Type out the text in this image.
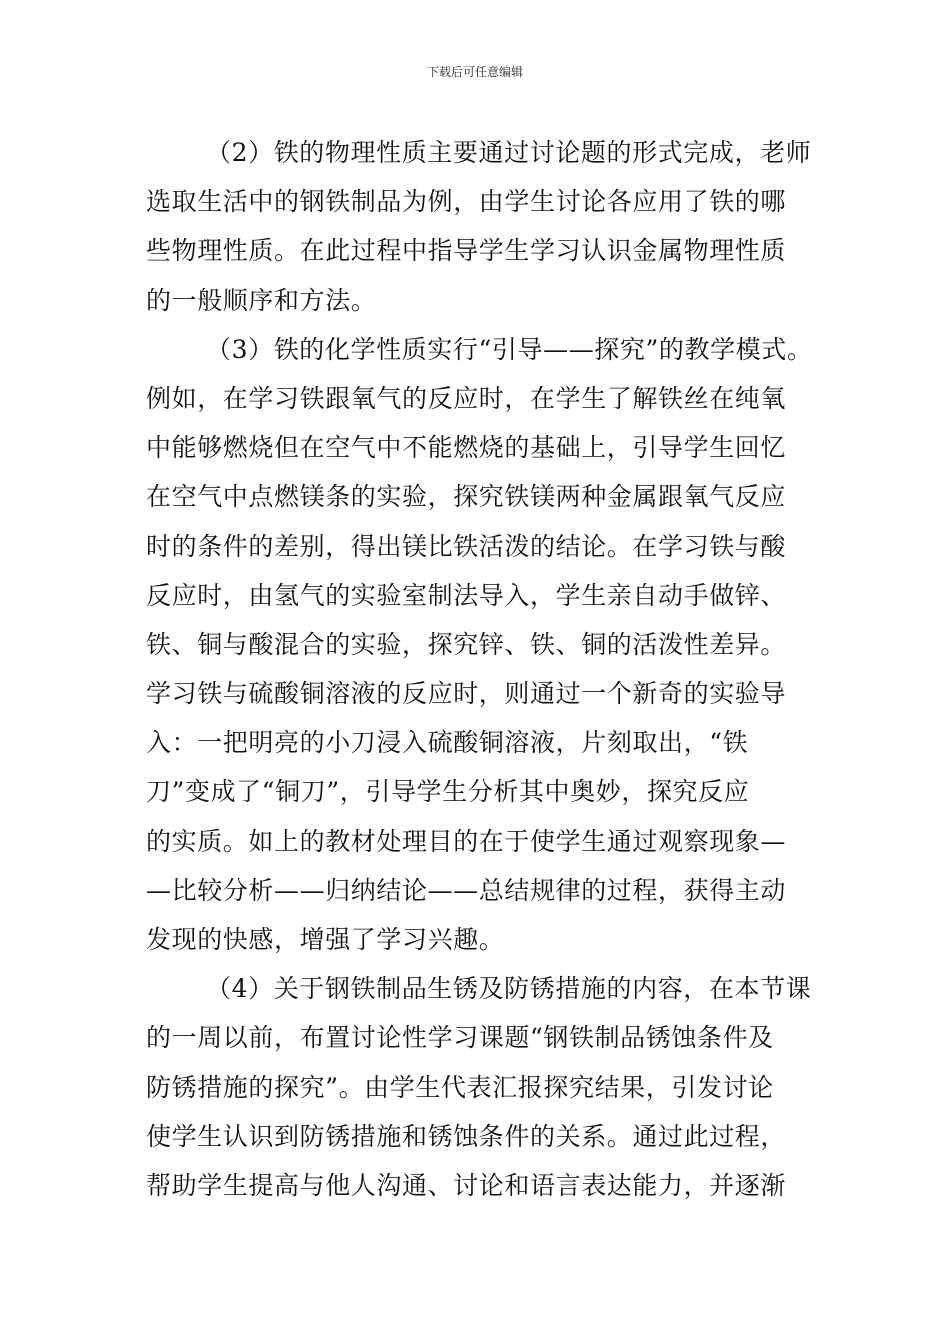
下载后可任意编辑
（2）铁的物理性质主要通过讨论题的形式完成，老师
选取生活中的钢铁制品为例，由学生讨论各应用了铁的哪
些物理性质。在此过程中指导学生学习认识金属物理性质
的一般顺序和方法。
（3）铁的化学性质实行“引导——探究”的教学模式。
例如，在学习铁跟氧气的反应时，在学生了解铁丝在纯氧
中能够燃烧但在空气中不能燃烧的基础上，引导学生回忆
在空气中点燃镁条的实验，探究铁镁两种金属跟氧气反应
时的条件的差别，得出镁比铁活泼的结论。在学习铁与酸
反应时，由氢气的实验室制法导入，学生亲自动手做锌、
铁、铜与酸混合的实验，探究锌、铁、铜的活泼性差异。
学习铁与硫酸铜溶液的反应时，则通过一个新奇的实验导
入：一把明亮的小刀浸入硫酸铜溶液，片刻取出，“铁
刀”变成了“铜刀”，引导学生分析其中奥妙，探究反应
的实质。如上的教材处理目的在于使学生通过观察现象—
—比较分析——归纳结论——总结规律的过程，获得主动
发现的快感，增强了学习兴趣。
（4）关于钢铁制品生锈及防锈措施的内容，在本节课
的一周以前，布置讨论性学习课题“钢铁制品锈蚀条件及
防锈措施的探究”。由学生代表汇报探究结果，引发讨论
使学生认识到防锈措施和锈蚀条件的关系。通过此过程，
帮助学生提高与他人沟通、讨论和语言表达能力，并逐渐
